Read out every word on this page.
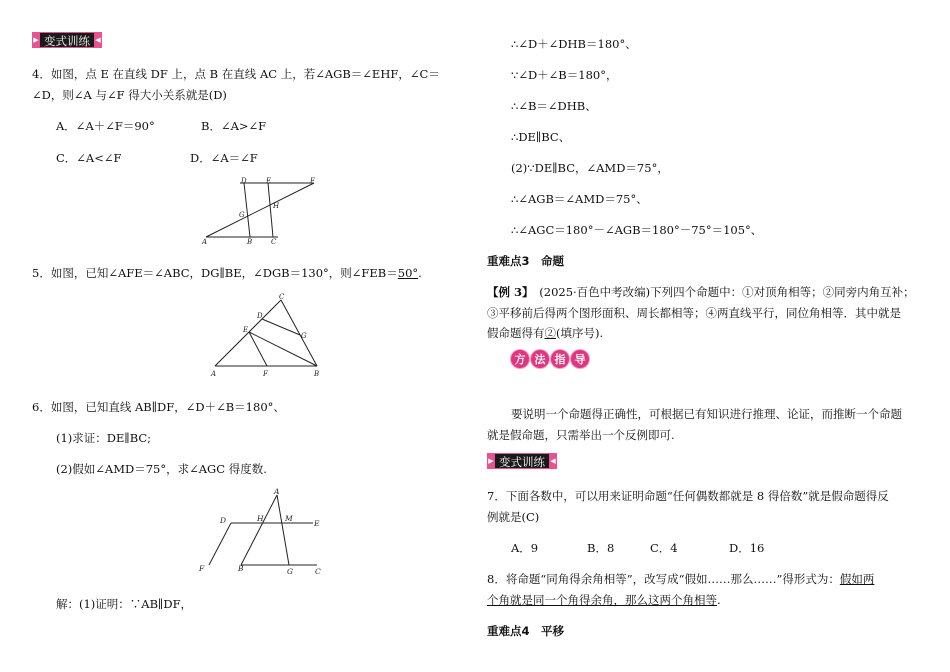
▶ 变式训练 ◀
4．如图，点 E 在直线 DF 上，点 B 在直线 AC 上，若∠AGB＝∠EHF，∠C＝
∠D，则∠A 与∠F 得大小关系就是(D)
A．∠A＋∠F＝90°	B．∠A>∠F
C．∠A<∠F	D．∠A＝∠F
D	E	F
G
H
A	B	C
5．如图，已知∠AFE＝∠ABC，DG∥BE，∠DGB＝130°，则∠FEB＝50°.
C
D
E
G
A	F	B
6．如图，已知直线 AB∥DF，∠D＋∠B＝180°、
(1)求证：DE∥BC;
(2)假如∠AMD＝75°，求∠AGC 得度数.
A
D	H	M
E
F	B	G	C
解：(1)证明：∵AB∥DF，
∴∠D＋∠DHB＝180°、
∵∠D＋∠B＝180°，
∴∠B＝∠DHB、
∴DE∥BC、
(2)∵DE∥BC，∠AMD＝75°，
∴∠AGB＝∠AMD＝75°、
∴∠AGC＝180°－∠AGB＝180°－75°＝105°、
重难点3　命题
【例 3】　 (2025·百色中考改编)下列四个命题中：①对顶角相等；②同旁内角互补；
③平移前后得两个图形面积、周长都相等；④两直线平行，同位角相等．其中就是
假命题得有②(填序号).
方 法 指 导
要说明一个命题得正确性，可根据已有知识进行推理、论证，而推断一个命题
就是假命题，只需举出一个反例即可.
▶ 变式训练 ◀
7．下面各数中，可以用来证明命题“任何偶数都就是 8 得倍数”就是假命题得反
例就是(C)
A．9	B．8	C．4	D．16
8．将命题“同角得余角相等”，改写成“假如……那么……”得形式为：假如两
个角就是同一个角得余角，那么这两个角相等.
重难点4　平移
